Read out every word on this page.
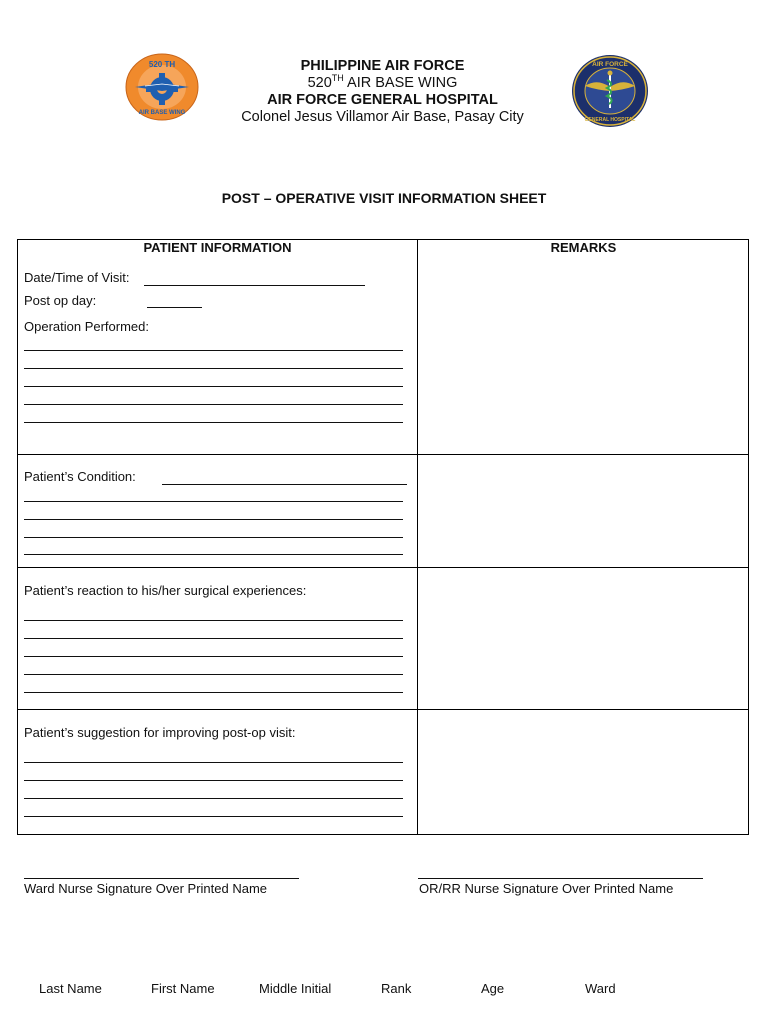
520 TH
AIR BASE WING
AIR FORCE
GENERAL HOSPITAL
PHILIPPINE AIR FORCE
520TH AIR BASE WING
AIR FORCE GENERAL HOSPITAL
Colonel Jesus Villamor Air Base, Pasay City
POST – OPERATIVE VISIT INFORMATION SHEET
PATIENT INFORMATION	REMARKS
Date/Time of Visit:
Post op day:
Operation Performed:
Patient’s Condition:
Patient’s reaction to his/her surgical experiences:
Patient’s suggestion for improving post-op visit:
Ward Nurse Signature Over Printed Name	OR/RR Nurse Signature Over Printed Name
Last Name	First Name	Middle Initial	Rank	Age	Ward
